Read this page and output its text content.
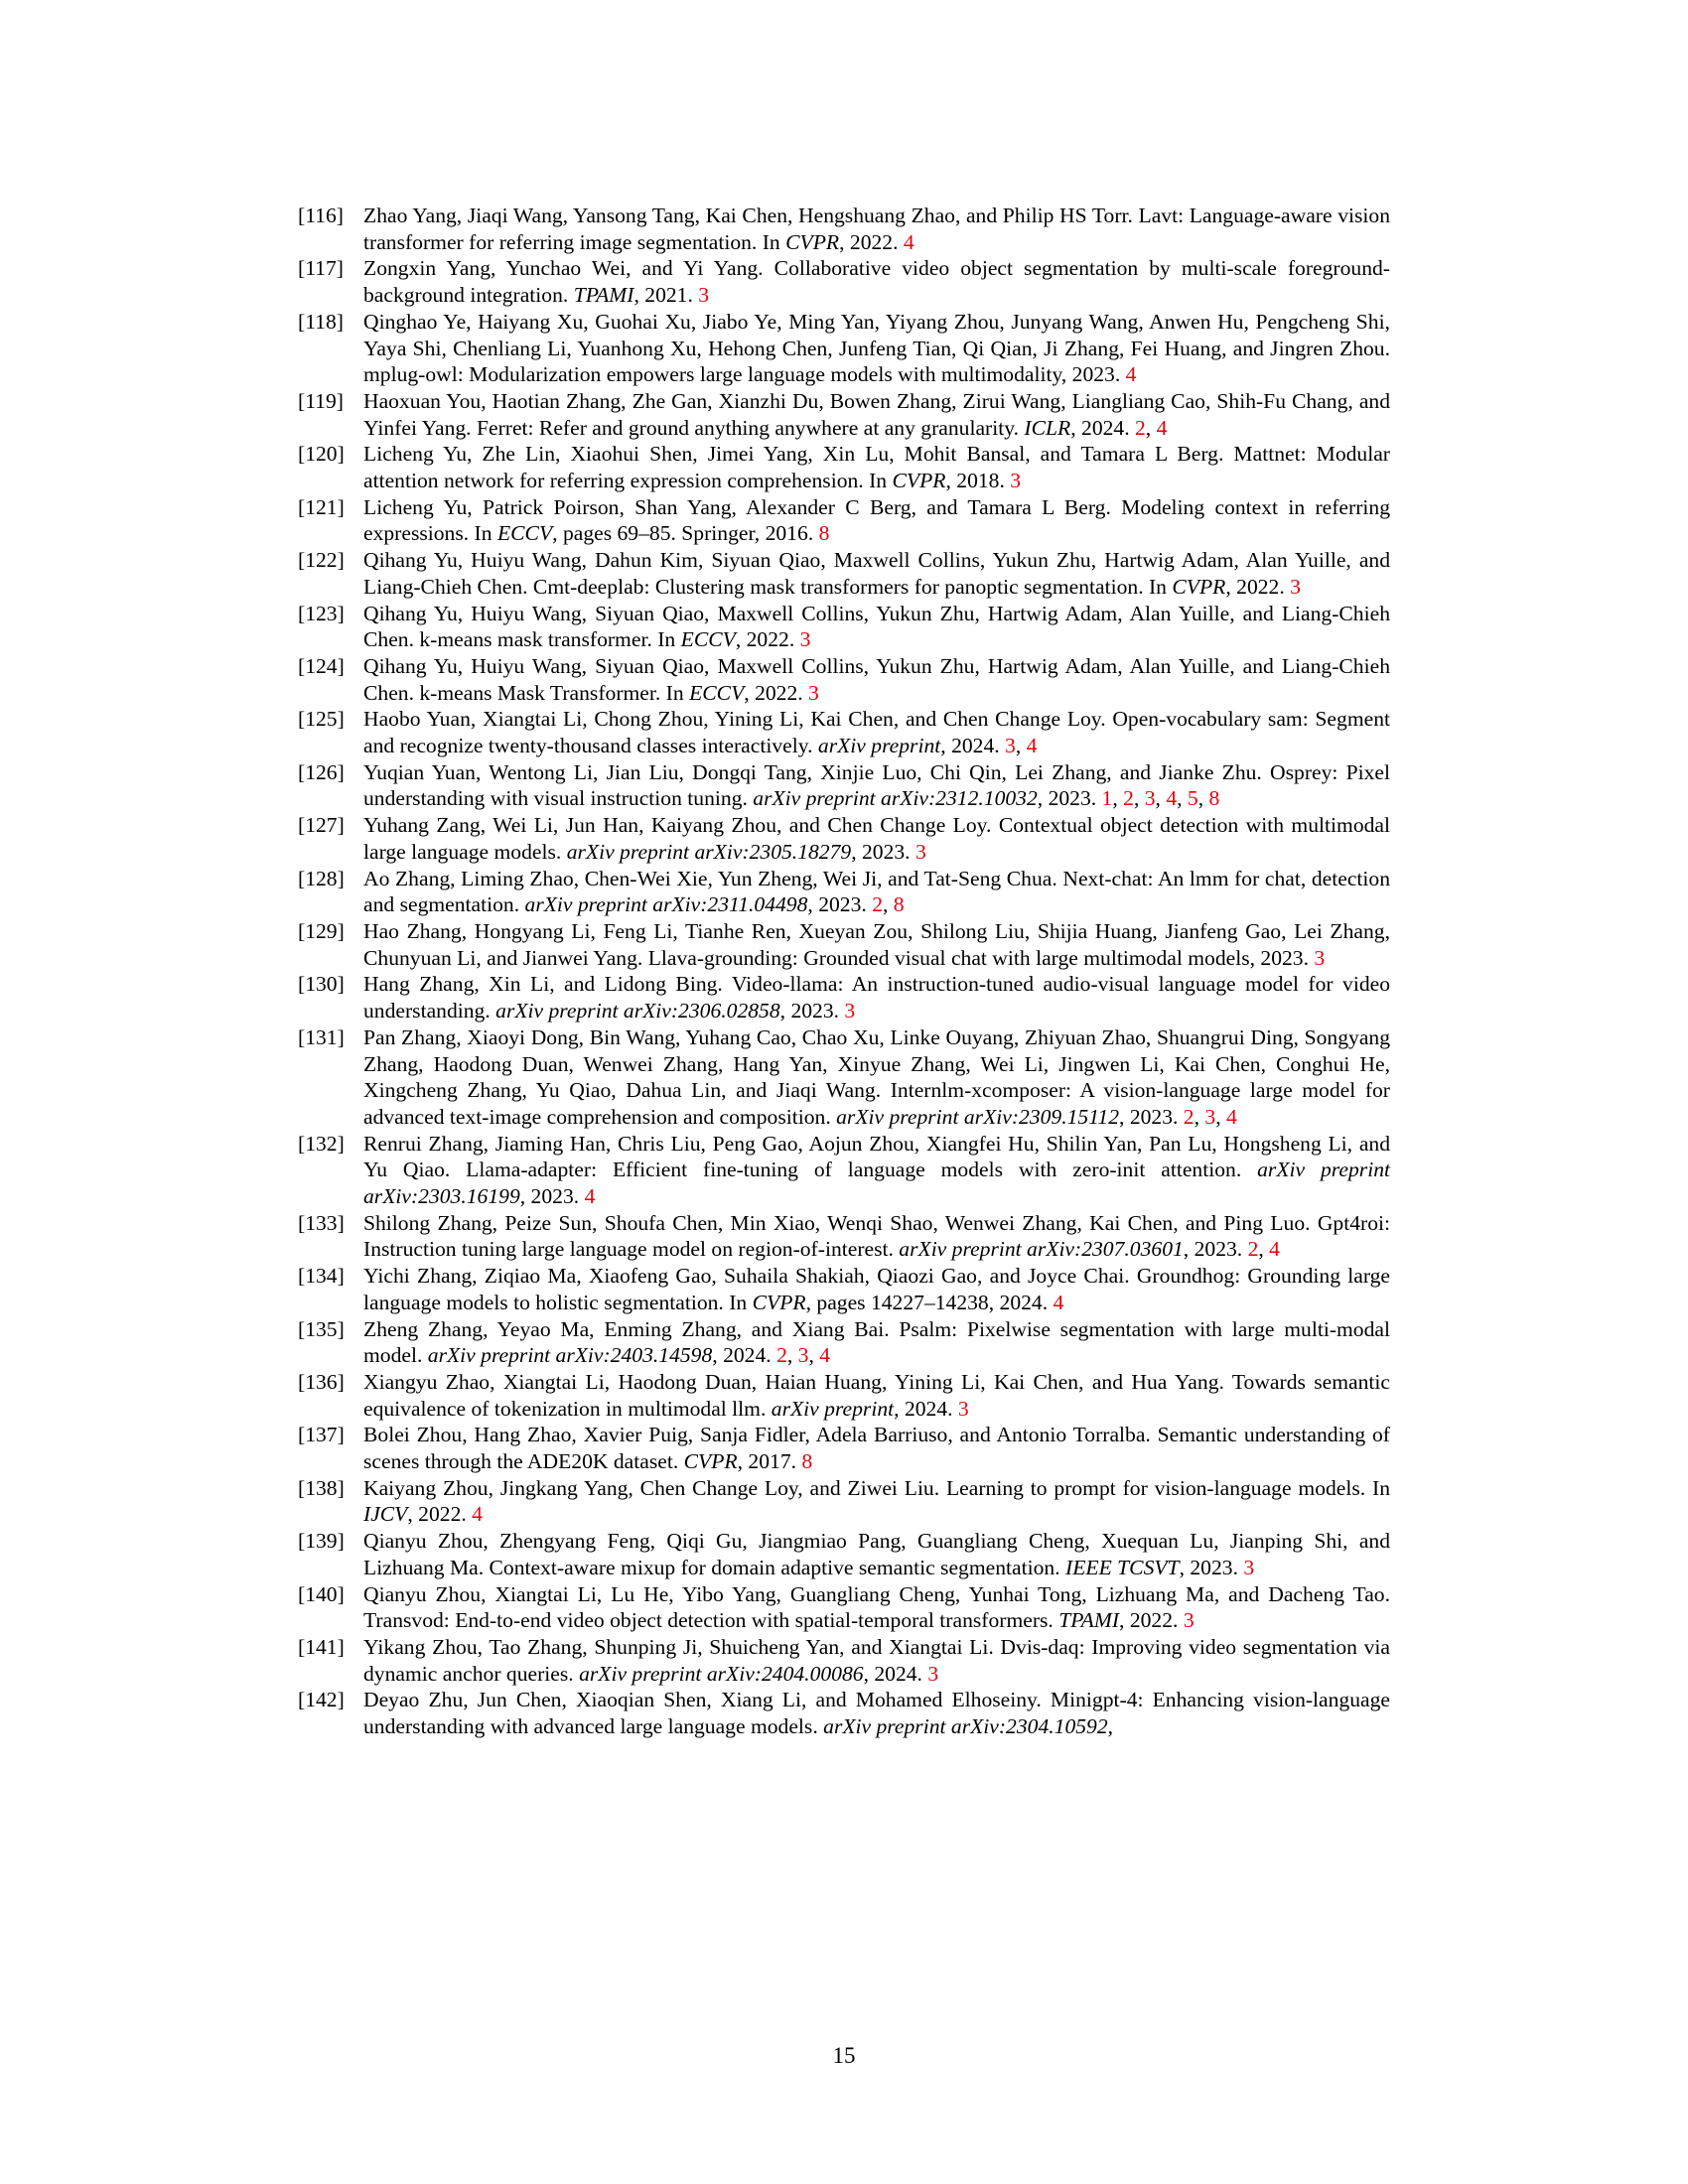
[116] Zhao Yang, Jiaqi Wang, Yansong Tang, Kai Chen, Hengshuang Zhao, and Philip HS Torr. Lavt: Language-aware vision transformer for referring image segmentation. In CVPR, 2022. 4

[117] Zongxin Yang, Yunchao Wei, and Yi Yang. Collaborative video object segmentation by multi-scale foreground-background integration. TPAMI, 2021. 3

[118] Qinghao Ye, Haiyang Xu, Guohai Xu, Jiabo Ye, Ming Yan, Yiyang Zhou, Junyang Wang, Anwen Hu, Pengcheng Shi, Yaya Shi, Chenliang Li, Yuanhong Xu, Hehong Chen, Junfeng Tian, Qi Qian, Ji Zhang, Fei Huang, and Jingren Zhou. mplug-owl: Modularization empowers large language models with multimodality, 2023. 4

[119] Haoxuan You, Haotian Zhang, Zhe Gan, Xianzhi Du, Bowen Zhang, Zirui Wang, Liangliang Cao, Shih-Fu Chang, and Yinfei Yang. Ferret: Refer and ground anything anywhere at any granularity. ICLR, 2024. 2, 4

[120] Licheng Yu, Zhe Lin, Xiaohui Shen, Jimei Yang, Xin Lu, Mohit Bansal, and Tamara L Berg. Mattnet: Modular attention network for referring expression comprehension. In CVPR, 2018. 3

[121] Licheng Yu, Patrick Poirson, Shan Yang, Alexander C Berg, and Tamara L Berg. Modeling context in referring expressions. In ECCV, pages 69–85. Springer, 2016. 8

[122] Qihang Yu, Huiyu Wang, Dahun Kim, Siyuan Qiao, Maxwell Collins, Yukun Zhu, Hartwig Adam, Alan Yuille, and Liang-Chieh Chen. Cmt-deeplab: Clustering mask transformers for panoptic segmentation. In CVPR, 2022. 3

[123] Qihang Yu, Huiyu Wang, Siyuan Qiao, Maxwell Collins, Yukun Zhu, Hartwig Adam, Alan Yuille, and Liang-Chieh Chen. k-means mask transformer. In ECCV, 2022. 3

[124] Qihang Yu, Huiyu Wang, Siyuan Qiao, Maxwell Collins, Yukun Zhu, Hartwig Adam, Alan Yuille, and Liang-Chieh Chen. k-means Mask Transformer. In ECCV, 2022. 3

[125] Haobo Yuan, Xiangtai Li, Chong Zhou, Yining Li, Kai Chen, and Chen Change Loy. Open-vocabulary sam: Segment and recognize twenty-thousand classes interactively. arXiv preprint, 2024. 3, 4

[126] Yuqian Yuan, Wentong Li, Jian Liu, Dongqi Tang, Xinjie Luo, Chi Qin, Lei Zhang, and Jianke Zhu. Osprey: Pixel understanding with visual instruction tuning. arXiv preprint arXiv:2312.10032, 2023. 1, 2, 3, 4, 5, 8

[127] Yuhang Zang, Wei Li, Jun Han, Kaiyang Zhou, and Chen Change Loy. Contextual object detection with multimodal large language models. arXiv preprint arXiv:2305.18279, 2023. 3

[128] Ao Zhang, Liming Zhao, Chen-Wei Xie, Yun Zheng, Wei Ji, and Tat-Seng Chua. Next-chat: An lmm for chat, detection and segmentation. arXiv preprint arXiv:2311.04498, 2023. 2, 8

[129] Hao Zhang, Hongyang Li, Feng Li, Tianhe Ren, Xueyan Zou, Shilong Liu, Shijia Huang, Jianfeng Gao, Lei Zhang, Chunyuan Li, and Jianwei Yang. Llava-grounding: Grounded visual chat with large multimodal models, 2023. 3

[130] Hang Zhang, Xin Li, and Lidong Bing. Video-llama: An instruction-tuned audio-visual language model for video understanding. arXiv preprint arXiv:2306.02858, 2023. 3

[131] Pan Zhang, Xiaoyi Dong, Bin Wang, Yuhang Cao, Chao Xu, Linke Ouyang, Zhiyuan Zhao, Shuangrui Ding, Songyang Zhang, Haodong Duan, Wenwei Zhang, Hang Yan, Xinyue Zhang, Wei Li, Jingwen Li, Kai Chen, Conghui He, Xingcheng Zhang, Yu Qiao, Dahua Lin, and Jiaqi Wang. Internlm-xcomposer: A vision-language large model for advanced text-image comprehension and composition. arXiv preprint arXiv:2309.15112, 2023. 2, 3, 4

[132] Renrui Zhang, Jiaming Han, Chris Liu, Peng Gao, Aojun Zhou, Xiangfei Hu, Shilin Yan, Pan Lu, Hongsheng Li, and Yu Qiao. Llama-adapter: Efficient fine-tuning of language models with zero-init attention. arXiv preprint arXiv:2303.16199, 2023. 4

[133] Shilong Zhang, Peize Sun, Shoufa Chen, Min Xiao, Wenqi Shao, Wenwei Zhang, Kai Chen, and Ping Luo. Gpt4roi: Instruction tuning large language model on region-of-interest. arXiv preprint arXiv:2307.03601, 2023. 2, 4

[134] Yichi Zhang, Ziqiao Ma, Xiaofeng Gao, Suhaila Shakiah, Qiaozi Gao, and Joyce Chai. Groundhog: Grounding large language models to holistic segmentation. In CVPR, pages 14227–14238, 2024. 4

[135] Zheng Zhang, Yeyao Ma, Enming Zhang, and Xiang Bai. Psalm: Pixelwise segmentation with large multi-modal model. arXiv preprint arXiv:2403.14598, 2024. 2, 3, 4

[136] Xiangyu Zhao, Xiangtai Li, Haodong Duan, Haian Huang, Yining Li, Kai Chen, and Hua Yang. Towards semantic equivalence of tokenization in multimodal llm. arXiv preprint, 2024. 3

[137] Bolei Zhou, Hang Zhao, Xavier Puig, Sanja Fidler, Adela Barriuso, and Antonio Torralba. Semantic understanding of scenes through the ADE20K dataset. CVPR, 2017. 8

[138] Kaiyang Zhou, Jingkang Yang, Chen Change Loy, and Ziwei Liu. Learning to prompt for vision-language models. In IJCV, 2022. 4

[139] Qianyu Zhou, Zhengyang Feng, Qiqi Gu, Jiangmiao Pang, Guangliang Cheng, Xuequan Lu, Jianping Shi, and Lizhuang Ma. Context-aware mixup for domain adaptive semantic segmentation. IEEE TCSVT, 2023. 3

[140] Qianyu Zhou, Xiangtai Li, Lu He, Yibo Yang, Guangliang Cheng, Yunhai Tong, Lizhuang Ma, and Dacheng Tao. Transvod: End-to-end video object detection with spatial-temporal transformers. TPAMI, 2022. 3

[141] Yikang Zhou, Tao Zhang, Shunping Ji, Shuicheng Yan, and Xiangtai Li. Dvis-daq: Improving video segmentation via dynamic anchor queries. arXiv preprint arXiv:2404.00086, 2024. 3

[142] Deyao Zhu, Jun Chen, Xiaoqian Shen, Xiang Li, and Mohamed Elhoseiny. Minigpt-4: Enhancing vision-language understanding with advanced large language models. arXiv preprint arXiv:2304.10592,

15
